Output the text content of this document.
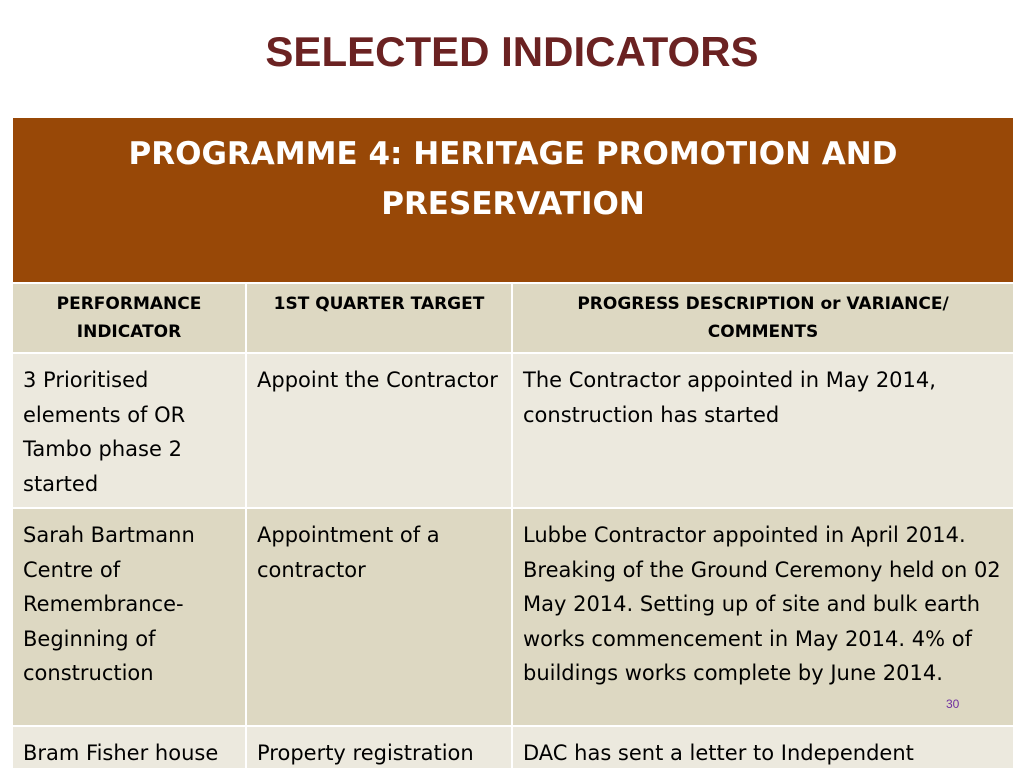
SELECTED INDICATORS
PROGRAMME 4: HERITAGE PROMOTION AND PRESERVATION		
PERFORMANCE INDICATOR	1ST QUARTER TARGET	PROGRESS DESCRIPTION or VARIANCE/ COMMENTS
3 Prioritised elements of OR Tambo phase 2 started	Appoint the Contractor	The Contractor appointed in May 2014, construction has started
Sarah Bartmann Centre of Remembrance- Beginning of construction	Appointment of a contractor	Lubbe Contractor appointed in April 2014. Breaking of the Ground Ceremony held on 02 May 2014. Setting up of site and bulk earth works commencement in May 2014. 4% of buildings works complete by June 2014.
Bram Fisher house	Property registration	DAC has sent a letter to Independent
30
